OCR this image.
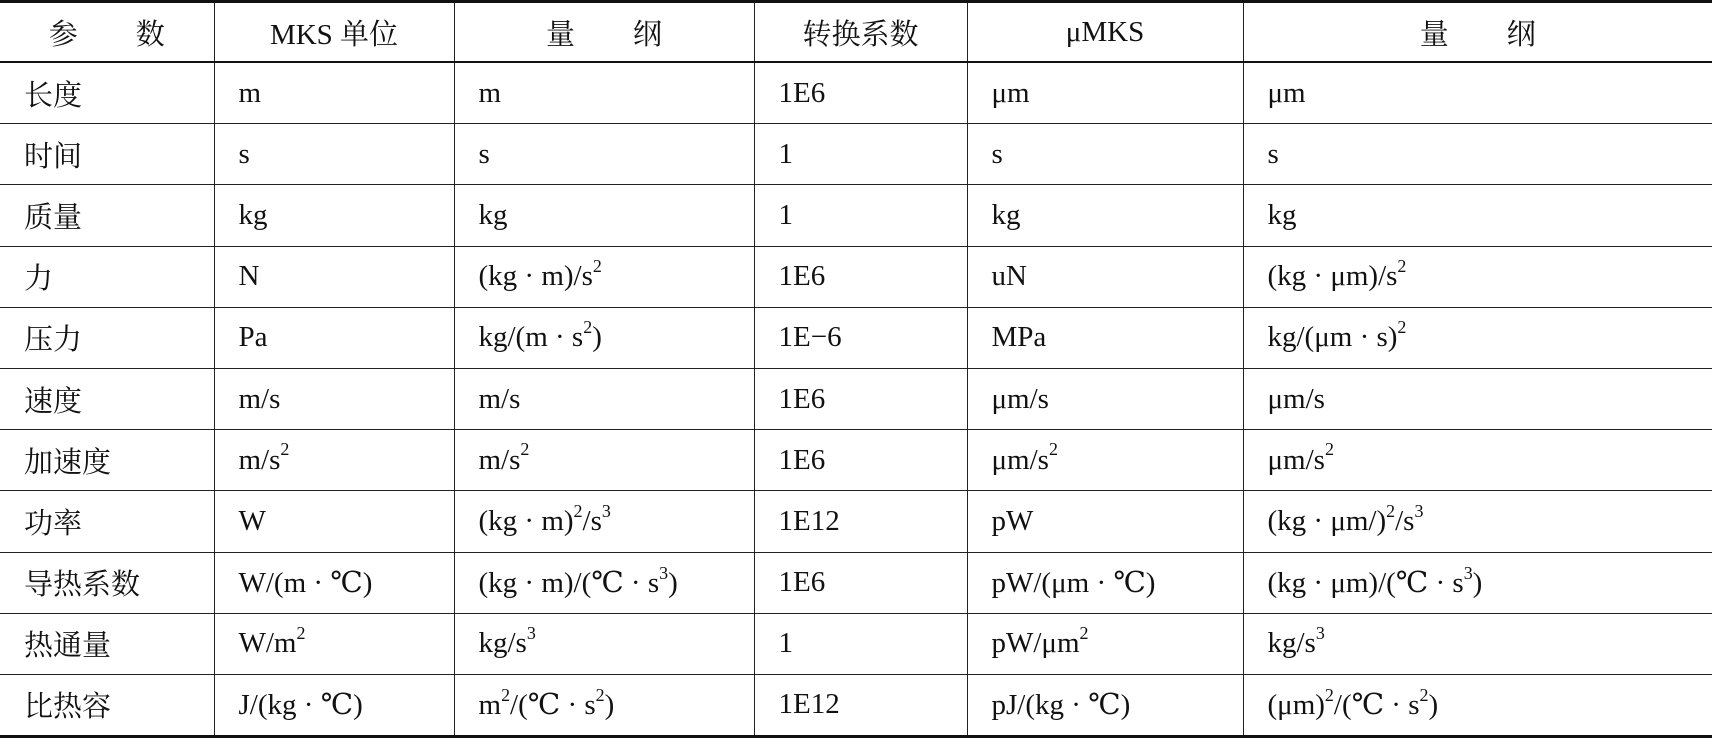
参　　数	MKS 单位	量　　纲	转换系数	μMKS	量　　纲
长度	m	m	1E6	μm	μm
时间	s	s	1	s	s
质量	kg	kg	1	kg	kg
力	N	$(kg \cdot m)/s^2$	1E6	uN	$(kg \cdot \mu m)/s^2$
压力	Pa	$kg/(m \cdot s^2)$	1E−6	MPa	$kg/(\mu m \cdot s)^2$
速度	m/s	m/s	1E6	μm/s	μm/s
加速度	$m/s^2$	$m/s^2$	1E6	$\mu m/s^2$	$\mu m/s^2$
功率	W	$(kg \cdot m)^2/s^3$	1E12	pW	$(kg \cdot \mu m/)^2/s^3$
导热系数	W/(m · ℃)	(kg · m)/(℃ · $s^3$)	1E6	pW/(μm · ℃)	(kg · μm)/(℃ · $s^3$)
热通量	$W/m^2$	$kg/s^3$	1	$pW/\mu m^2$	$kg/s^3$
比热容	J/(kg · ℃)	$m^2/(℃ \cdot s^2)$	1E12	pJ/(kg · ℃)	$(\mu m)^2/(℃ \cdot s^2)$
